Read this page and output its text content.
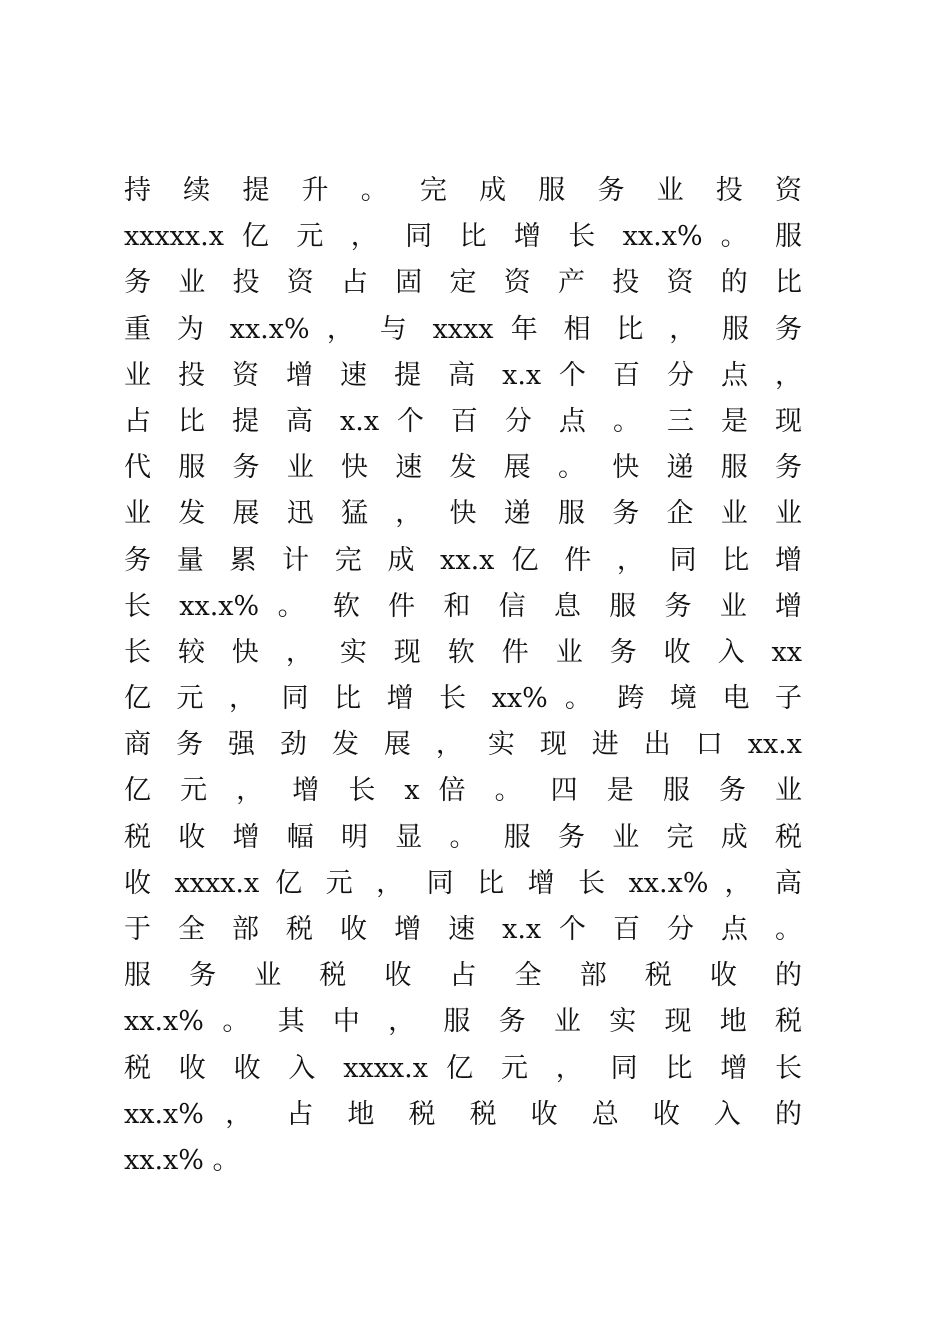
持 续 提 升 。 完 成 服 务 业 投 资
xxxxx.x 亿 元 ， 同 比 增 长 xx.x% 。 服
务 业 投 资 占 固 定 资 产 投 资 的 比
重 为 xx.x% ， 与 xxxx 年 相 比 ， 服 务
业 投 资 增 速 提 高 x.x 个 百 分 点 ，
占 比 提 高 x.x 个 百 分 点 。 三 是 现
代 服 务 业 快 速 发 展 。 快 递 服 务
业 发 展 迅 猛 ， 快 递 服 务 企 业 业
务 量 累 计 完 成 xx.x 亿 件 ， 同 比 增
长 xx.x% 。 软 件 和 信 息 服 务 业 增
长 较 快 ， 实 现 软 件 业 务 收 入 xx
亿 元 ， 同 比 增 长 xx% 。 跨 境 电 子
商 务 强 劲 发 展 ， 实 现 进 出 口 xx.x
亿 元 ， 增 长 x 倍 。 四 是 服 务 业
税 收 增 幅 明 显 。 服 务 业 完 成 税
收 xxxx.x 亿 元 ， 同 比 增 长 xx.x% ， 高
于 全 部 税 收 增 速 x.x 个 百 分 点 。
服 务 业 税 收 占 全 部 税 收 的
xx.x% 。 其 中 ， 服 务 业 实 现 地 税
税 收 收 入 xxxx.x 亿 元 ， 同 比 增 长
xx.x% ， 占 地 税 税 收 总 收 入 的
xx.x% 。
